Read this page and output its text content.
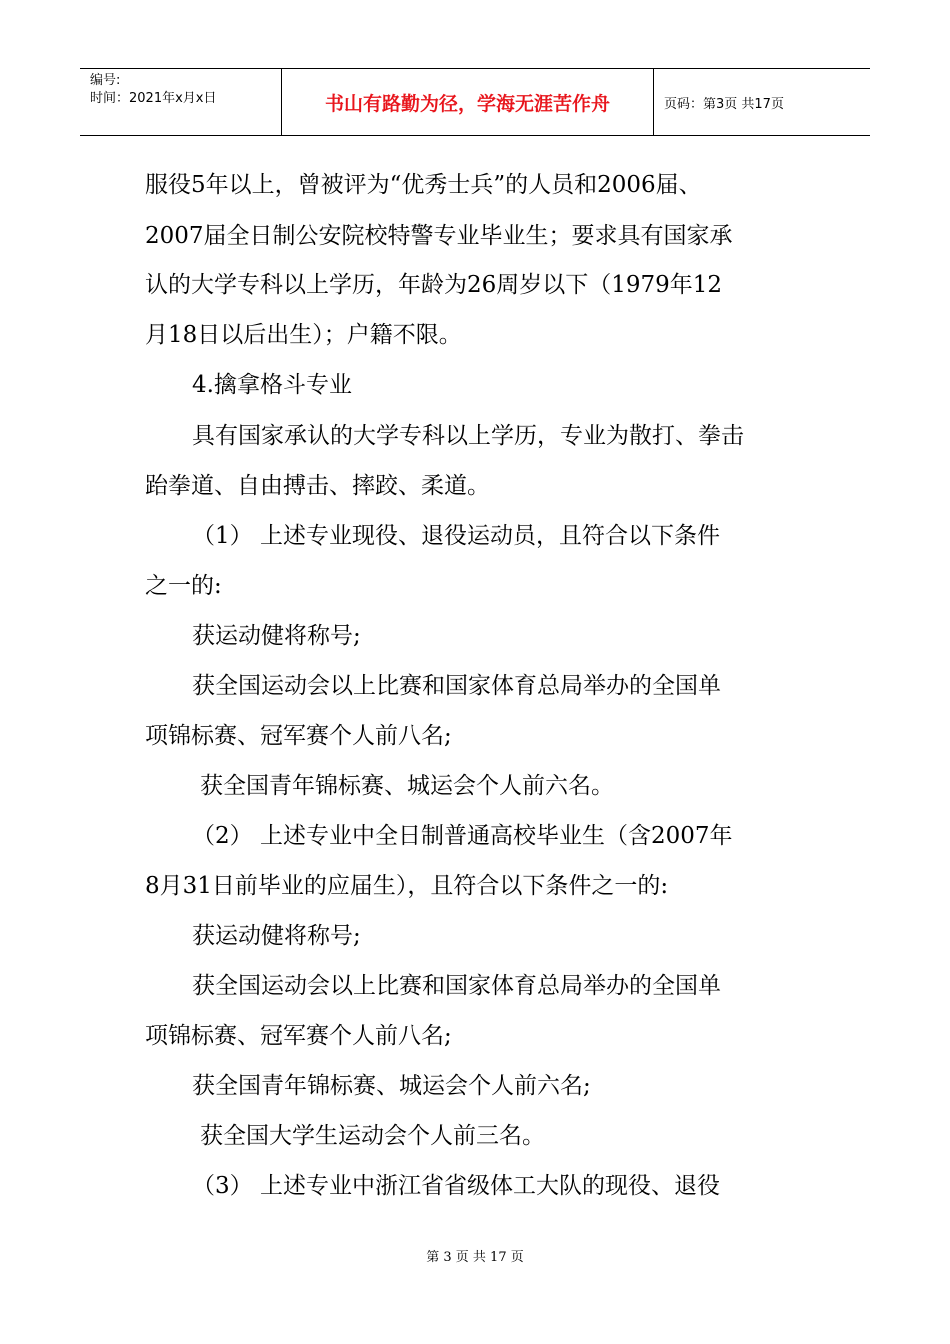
编号:
时间：2021年x月x日	书山有路勤为径，学海无涯苦作舟	页码：第3页 共17页
服役5年以上，曾被评为“优秀士兵”的人员和2006届、
2007届全日制公安院校特警专业毕业生；要求具有国家承
认的大学专科以上学历，年龄为26周岁以下（1979年12
月18日以后出生）；户籍不限。
4.擒拿格斗专业
具有国家承认的大学专科以上学历，专业为散打、拳击
跆拳道、自由搏击、摔跤、柔道。
（1） 上述专业现役、退役运动员，且符合以下条件
之一的:
获运动健将称号;
获全国运动会以上比赛和国家体育总局举办的全国单
项锦标赛、冠军赛个人前八名;
获全国青年锦标赛、城运会个人前六名。
（2） 上述专业中全日制普通高校毕业生（含2007年
8月31日前毕业的应届生），且符合以下条件之一的:
获运动健将称号;
获全国运动会以上比赛和国家体育总局举办的全国单
项锦标赛、冠军赛个人前八名;
获全国青年锦标赛、城运会个人前六名;
获全国大学生运动会个人前三名。
（3） 上述专业中浙江省省级体工大队的现役、退役
第 3 页 共 17 页
